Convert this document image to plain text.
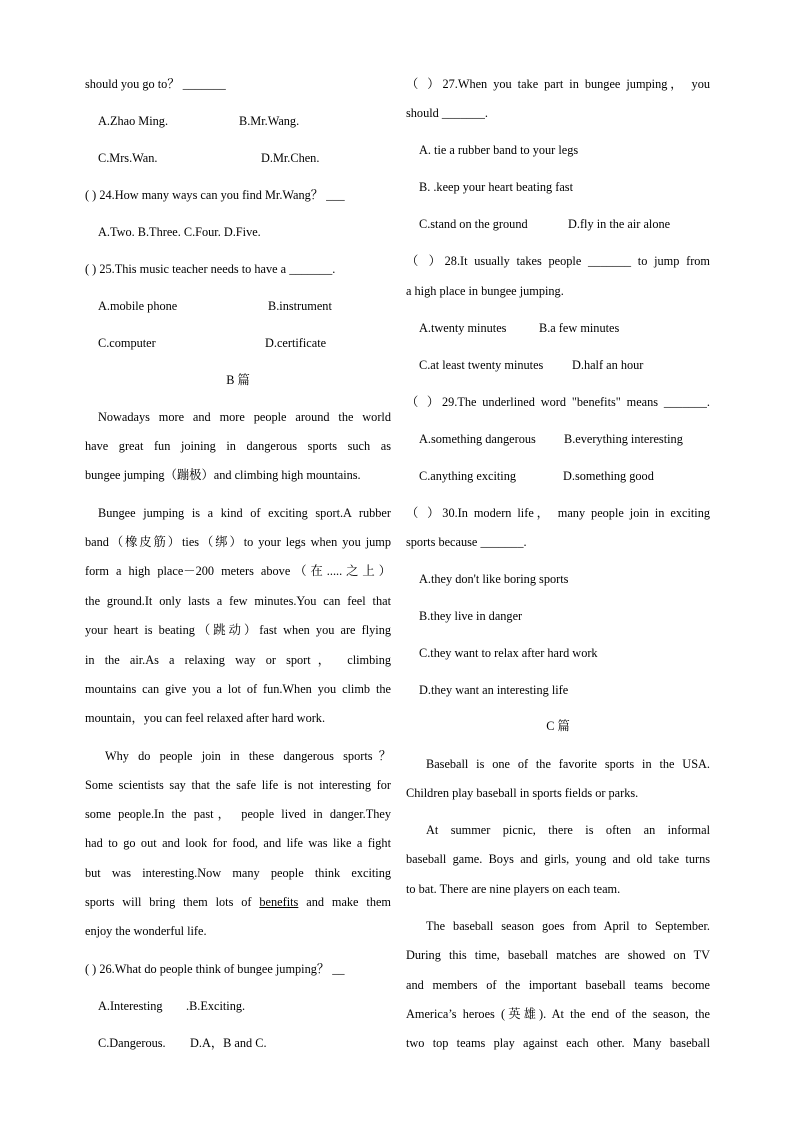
should you go to？ _______
A.Zhao Ming.	B.Mr.Wang.
C.Mrs.Wan.	D.Mr.Chen.
( ) 24.How many ways can you find Mr.Wang？ ___
A.Two. B.Three. C.Four. D.Five.
( ) 25.This music teacher needs to have a _______.
A.mobile phone	B.instrument
C.computer	D.certificate
B 篇
Nowadays more and more people around the world
have great fun joining in dangerous sports such as
bungee jumping（蹦极）and climbing high mountains.
Bungee jumping is a kind of exciting sport.A rubber
band（橡皮筋）ties（绑）to your legs when you jump
form a high place－200 meters above（在.....之上）
the ground.It only lasts a few minutes.You can feel that
your heart is beating（跳动）fast when you are flying
in the air.As a relaxing way or sport， climbing
mountains can give you a lot of fun.When you climb the
mountain，you can feel relaxed after hard work.
Why do people join in these dangerous sports？
Some scientists say that the safe life is not interesting for
some people.In the past， people lived in danger.They
had to go out and look for food, and life was like a fight
but was interesting.Now many people think exciting
sports will bring them lots of benefits and make them
enjoy the wonderful life.
( ) 26.What do people think of bungee jumping？ __
A.Interesting .B.Exciting.
C.Dangerous. D.A，B and C.
（ ）27.When you take part in bungee jumping， you
should _______.
A. tie a rubber band to your legs
B. .keep your heart beating fast
C.stand on the ground	D.fly in the air alone
（ ）28.It usually takes people _______ to jump from
a high place in bungee jumping.
A.twenty minutes	B.a few minutes
C.at least twenty minutes D.half an hour
（ ）29.The underlined word "benefits" means _______.
A.something dangerous B.everything interesting
C.anything exciting	D.something good
（ ）30.In modern life， many people join in exciting
sports because _______.
A.they don't like boring sports
B.they live in danger
C.they want to relax after hard work
D.they want an interesting life
C 篇
Baseball is one of the favorite sports in the USA.
Children play baseball in sports fields or parks.
At summer picnic, there is often an informal
baseball game. Boys and girls, young and old take turns
to bat. There are nine players on each team.
The baseball season goes from April to September.
During this time, baseball matches are showed on TV
and members of the important baseball teams become
America’s heroes (英雄). At the end of the season, the
two top teams play against each other. Many baseball
